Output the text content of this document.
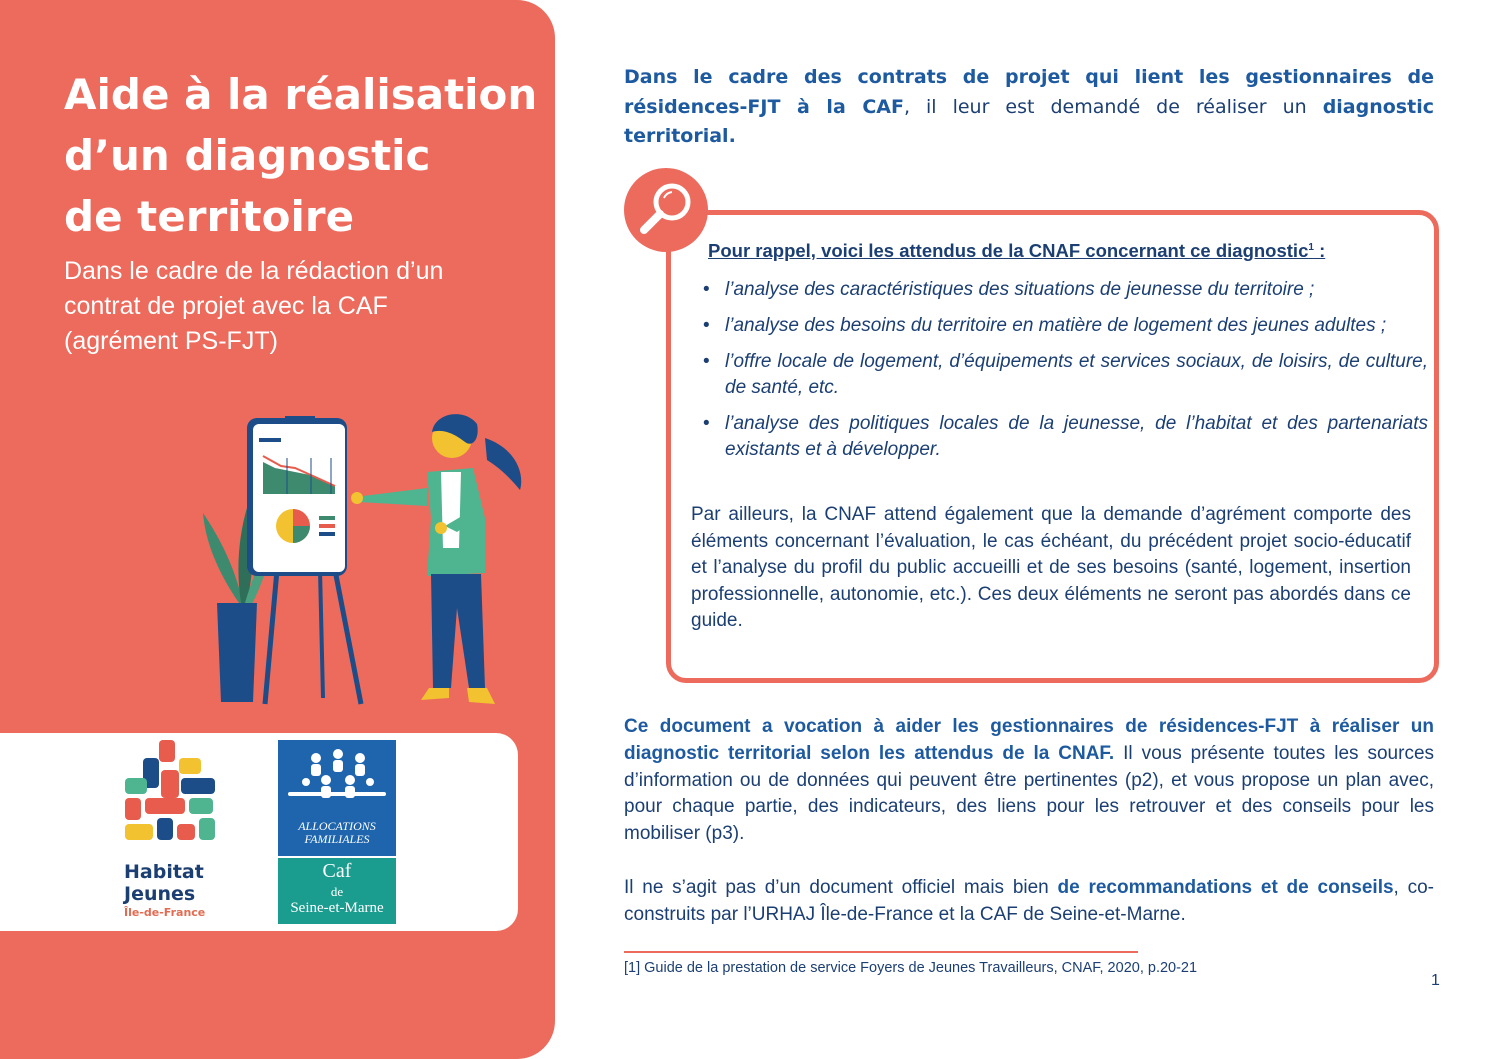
Aide à la réalisation
d’un diagnostic
de territoire

Dans le cadre de la rédaction d’un
contrat de projet avec la CAF
(agrément PS-FJT)

Habitat
Jeunes
Île-de-France
ALLOCATIONS
FAMILIALES
Caf
de
Seine-et-Marne

Dans le cadre des contrats de projet qui lient les gestionnaires de résidences-FJT à la CAF, il leur est demandé de réaliser un diagnostic territorial.

Pour rappel, voici les attendus de la CNAF concernant ce diagnostic$^1$ :

• l’analyse des caractéristiques des situations de jeunesse du territoire ;
• l’analyse des besoins du territoire en matière de logement des jeunes adultes ;
• l’offre locale de logement, d’équipements et services sociaux, de loisirs, de culture, de santé, etc.
• l’analyse des politiques locales de la jeunesse, de l’habitat et des partenariats existants et à développer.

Par ailleurs, la CNAF attend également que la demande d’agrément comporte des éléments concernant l’évaluation, le cas échéant, du précédent projet socio-éducatif et l’analyse du profil du public accueilli et de ses besoins (santé, logement, insertion professionnelle, autonomie, etc.). Ces deux éléments ne seront pas abordés dans ce guide.

Ce document a vocation à aider les gestionnaires de résidences-FJT à réaliser un diagnostic territorial selon les attendus de la CNAF. Il vous présente toutes les sources d’information ou de données qui peuvent être pertinentes (p2), et vous propose un plan avec, pour chaque partie, des indicateurs, des liens pour les retrouver et des conseils pour les mobiliser (p3).

Il ne s’agit pas d’un document officiel mais bien de recommandations et de conseils, co-construits par l’URHAJ Île-de-France et la CAF de Seine-et-Marne.

[1] Guide de la prestation de service Foyers de Jeunes Travailleurs, CNAF, 2020, p.20-21

1
